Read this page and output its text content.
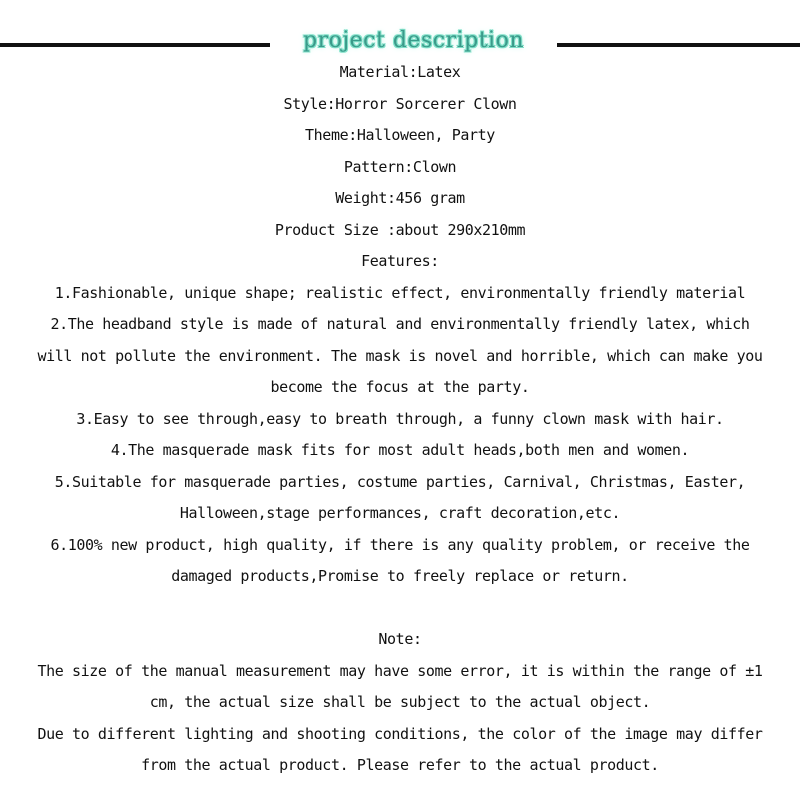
project description
Material:Latex
Style:Horror Sorcerer Clown
Theme:Halloween, Party
Pattern:Clown
Weight:456 gram
Product Size :about 290x210mm
Features:
1.Fashionable, unique shape; realistic effect, environmentally friendly material
2.The headband style is made of natural and environmentally friendly latex, which
will not pollute the environment. The mask is novel and horrible, which can make you
become the focus at the party.
3.Easy to see through,easy to breath through, a funny clown mask with hair.
4.The masquerade mask fits for most adult heads,both men and women.
5.Suitable for masquerade parties, costume parties, Carnival, Christmas, Easter,
Halloween,stage performances, craft decoration,etc.
6.100% new product, high quality, if there is any quality problem, or receive the
damaged products,Promise to freely replace or return.
Note:
The size of the manual measurement may have some error, it is within the range of ±1
cm, the actual size shall be subject to the actual object.
Due to different lighting and shooting conditions, the color of the image may differ
from the actual product. Please refer to the actual product.
